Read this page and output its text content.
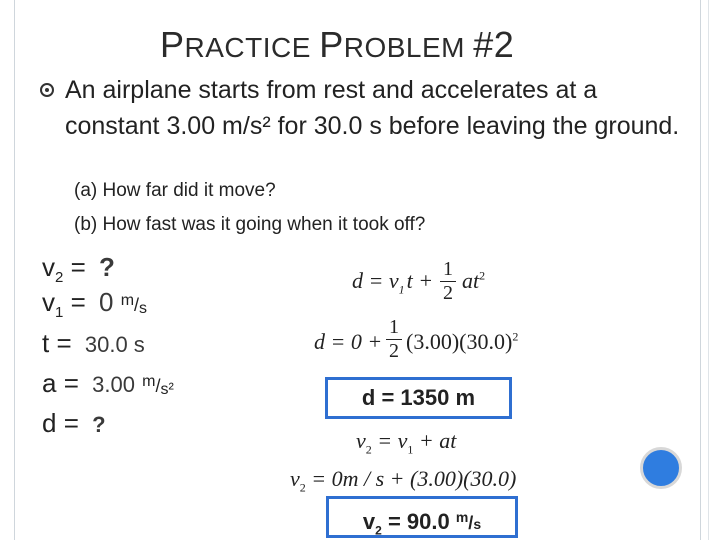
PRACTICE PROBLEM #2
An airplane starts from rest and accelerates at a constant 3.00 m/s² for 30.0 s before leaving the ground.
(a) How far did it move?
(b) How fast was it going when it took off?
$v_2$ = ?
$v_1 = 0$ $^m$/s
t = 30.0 s
a = 3.00 $^m$/s²
d = ?
$d = v_1t + 1$
2 $at^2$
d = 0 +
1
2 $(3.00)(30.0)^2$
d = 1350 m
$v_2 = v_1$ + at
$v_2 = 0m / s + (3.00)(30.0)$
$v_2 = 90.0$ $^m$/s
